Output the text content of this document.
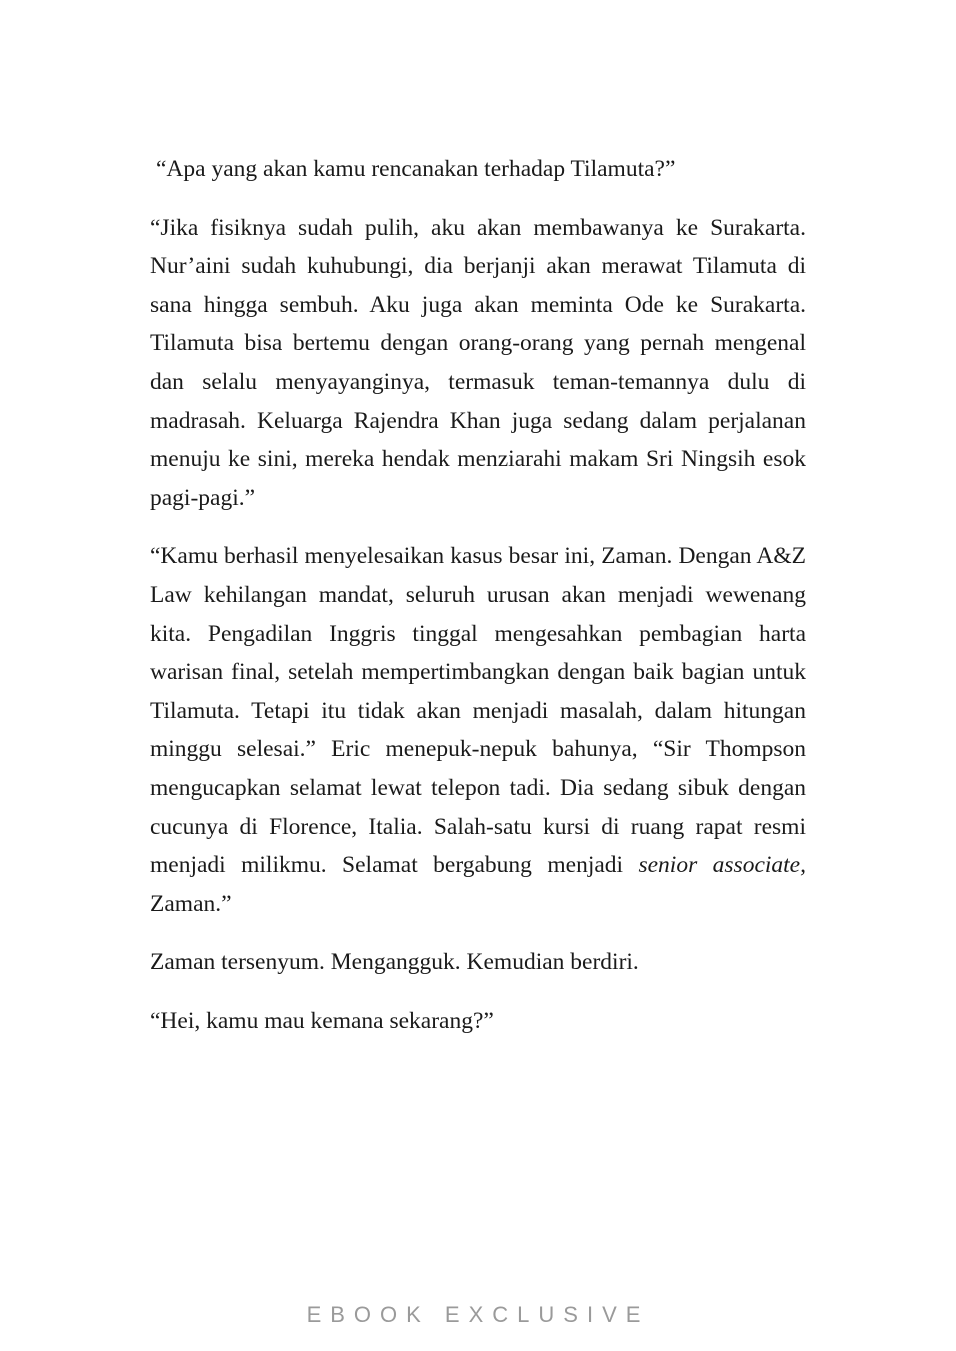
“Apa yang akan kamu rencanakan terhadap Tilamuta?”

“Jika fisiknya sudah pulih, aku akan membawanya ke Surakarta. Nur’aini sudah kuhubungi, dia berjanji akan merawat Tilamuta di sana hingga sembuh. Aku juga akan meminta Ode ke Surakarta. Tilamuta bisa bertemu dengan orang-orang yang pernah mengenal dan selalu menyayanginya, termasuk teman-temannya dulu di madrasah. Keluarga Rajendra Khan juga sedang dalam perjalanan menuju ke sini, mereka hendak menziarahi makam Sri Ningsih esok pagi-pagi.”

“Kamu berhasil menyelesaikan kasus besar ini, Zaman. Dengan A&Z Law kehilangan mandat, seluruh urusan akan menjadi wewenang kita. Pengadilan Inggris tinggal mengesahkan pembagian harta warisan final, setelah mempertimbangkan dengan baik bagian untuk Tilamuta. Tetapi itu tidak akan menjadi masalah, dalam hitungan minggu selesai.” Eric menepuk-nepuk bahunya, “Sir Thompson mengucapkan selamat lewat telepon tadi. Dia sedang sibuk dengan cucunya di Florence, Italia. Salah-satu kursi di ruang rapat resmi menjadi milikmu. Selamat bergabung menjadi senior associate, Zaman.”

Zaman tersenyum. Mengangguk. Kemudian berdiri.

“Hei, kamu mau kemana sekarang?”

EBOOK EXCLUSIVE
